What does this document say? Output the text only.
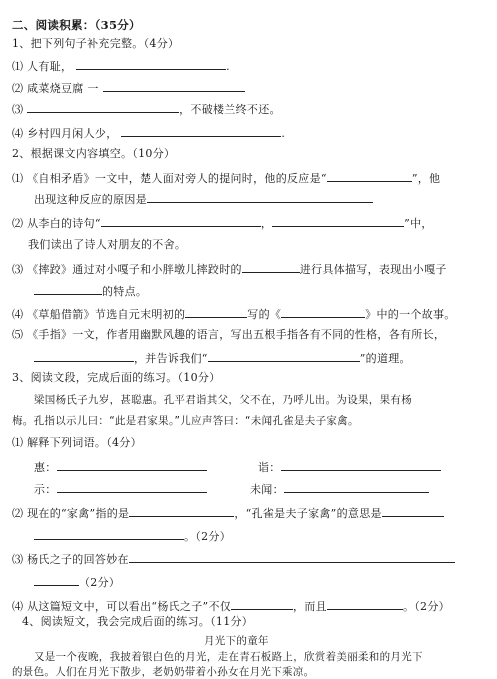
二、阅读积累：（35分）
1、把下列句子补充完整。（4分）
⑴ 人有耻，	.
⑵ 咸菜烧豆腐 一
⑶	，不破楼兰终不还。
⑷ 乡村四月闲人少，	.
2、根据课文内容填空。（10分）
⑴ 《自相矛盾》一文中，楚人面对旁人的提问时，他的反应是“	”，他
出现这种反应的原因是
⑵ 从李白的诗句“	，	”中，
我们读出了诗人对朋友的不舍。
⑶ 《摔跤》通过对小嘎子和小胖墩儿摔跤时的	进行具体描写，表现出小嘎子
的特点。
⑷ 《草船借箭》节选自元末明初的	写的《	》中的一个故事。
⑸ 《手指》一文，作者用幽默风趣的语言，写出五根手指各有不同的性格，各有所长，
，并告诉我们“	”的道理。
3、阅读文段，完成后面的练习。（10分）
梁国杨氏子九岁，甚聪惠。孔平君诣其父，父不在，乃呼儿出。为设果，果有杨
梅。孔指以示儿曰：“此是君家果。”儿应声答曰：“未闻孔雀是夫子家禽。
⑴ 解释下列词语。（4分）
惠：	诣：
示：	未闻：
⑵ 现在的“家禽”指的是	，“孔雀是夫子家禽”的意思是
。（2分）
⑶ 杨氏之子的回答妙在
（2分）
⑷ 从这篇短文中，可以看出“杨氏之子”不仅	，而且	。（2分）
4、阅读短文，我会完成后面的练习。（11分）
月光下的童年
又是一个夜晚，我披着银白色的月光，走在青石板路上，欣赏着美丽柔和的月光下
的景色。人们在月光下散步，老奶奶带着小孙女在月光下乘凉。
